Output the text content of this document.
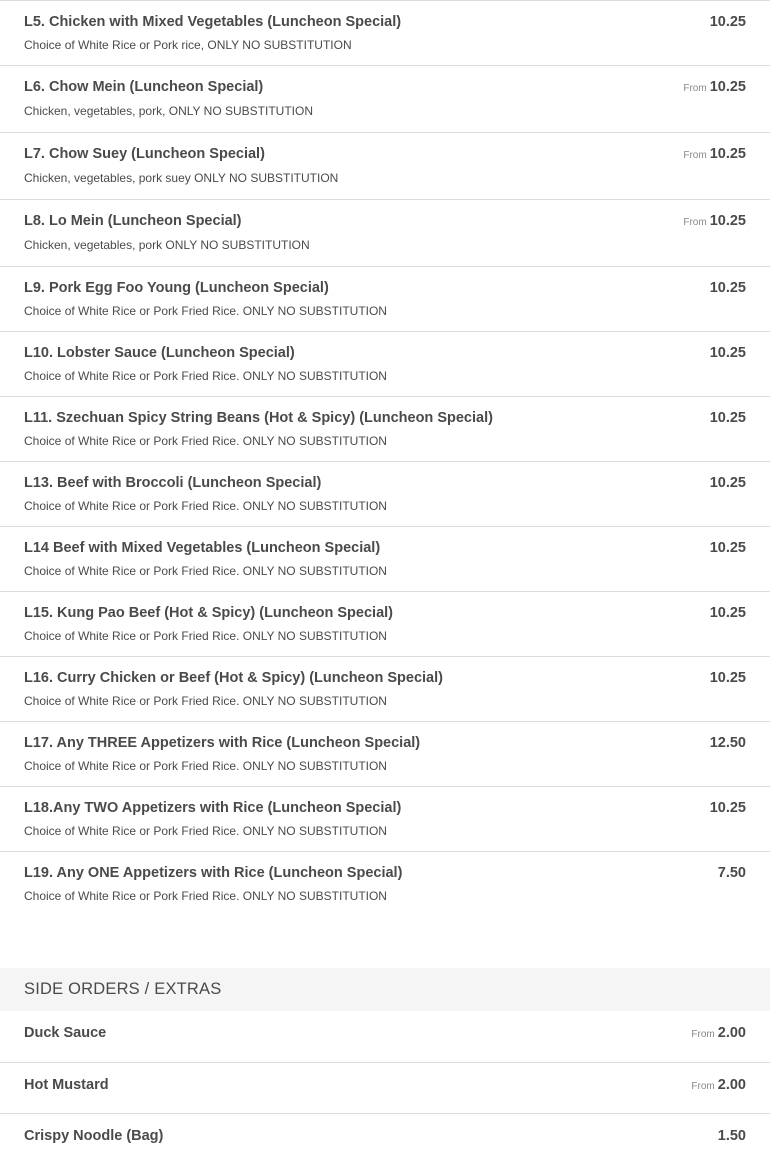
L5. Chicken with Mixed Vegetables (Luncheon Special)
Choice of White Rice or Pork rice, ONLY NO SUBSTITUTION
10.25
L6. Chow Mein (Luncheon Special)
Chicken, vegetables, pork, ONLY NO SUBSTITUTION
From 10.25
L7. Chow Suey (Luncheon Special)
Chicken, vegetables, pork suey ONLY NO SUBSTITUTION
From 10.25
L8. Lo Mein (Luncheon Special)
Chicken, vegetables, pork ONLY NO SUBSTITUTION
From 10.25
L9. Pork Egg Foo Young (Luncheon Special)
Choice of White Rice or Pork Fried Rice. ONLY NO SUBSTITUTION
10.25
L10. Lobster Sauce (Luncheon Special)
Choice of White Rice or Pork Fried Rice. ONLY NO SUBSTITUTION
10.25
L11. Szechuan Spicy String Beans (Hot & Spicy) (Luncheon Special)
Choice of White Rice or Pork Fried Rice. ONLY NO SUBSTITUTION
10.25
L13. Beef with Broccoli (Luncheon Special)
Choice of White Rice or Pork Fried Rice. ONLY NO SUBSTITUTION
10.25
L14 Beef with Mixed Vegetables (Luncheon Special)
Choice of White Rice or Pork Fried Rice. ONLY NO SUBSTITUTION
10.25
L15. Kung Pao Beef (Hot & Spicy) (Luncheon Special)
Choice of White Rice or Pork Fried Rice. ONLY NO SUBSTITUTION
10.25
L16. Curry Chicken or Beef (Hot & Spicy) (Luncheon Special)
Choice of White Rice or Pork Fried Rice. ONLY NO SUBSTITUTION
10.25
L17. Any THREE Appetizers with Rice (Luncheon Special)
Choice of White Rice or Pork Fried Rice. ONLY NO SUBSTITUTION
12.50
L18.Any TWO Appetizers with Rice (Luncheon Special)
Choice of White Rice or Pork Fried Rice. ONLY NO SUBSTITUTION
10.25
L19. Any ONE Appetizers with Rice (Luncheon Special)
Choice of White Rice or Pork Fried Rice. ONLY NO SUBSTITUTION
7.50
SIDE ORDERS / EXTRAS
Duck Sauce	From 2.00
Hot Mustard	From 2.00
Crispy Noodle (Bag)	1.50
